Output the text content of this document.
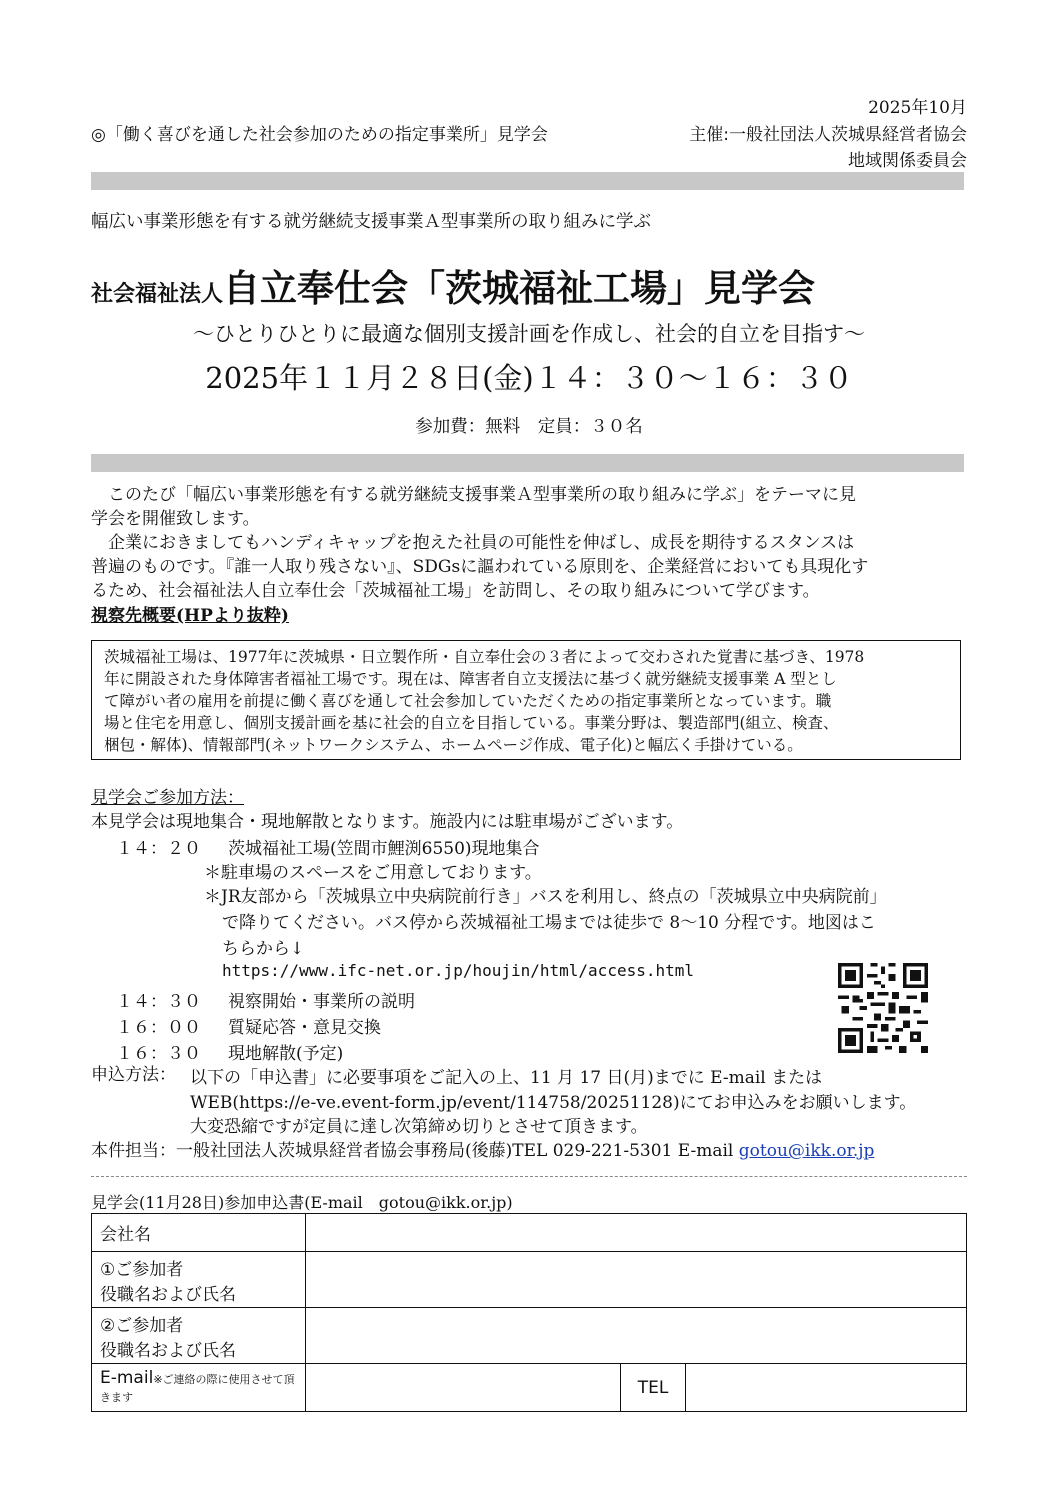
2025年10月
◎「働く喜びを通した社会参加のための指定事業所」見学会	主催:一般社団法人茨城県経営者協会
地域関係委員会
幅広い事業形態を有する就労継続支援事業Ａ型事業所の取り組みに学ぶ
社会福祉法人自立奉仕会「茨城福祉工場」見学会
～ひとりひとりに最適な個別支援計画を作成し、社会的自立を目指す～
2025年１１月２８日(金)１４：３０～１６：３０
参加費：無料　定員：３０名
　このたび「幅広い事業形態を有する就労継続支援事業Ａ型事業所の取り組みに学ぶ」をテーマに見
学会を開催致します。
　企業におきましてもハンディキャップを抱えた社員の可能性を伸ばし、成長を期待するスタンスは
普遍のものです。『誰一人取り残さない』、SDGsに謳われている原則を、企業経営においても具現化す
るため、社会福祉法人自立奉仕会「茨城福祉工場」を訪問し、その取り組みについて学びます。
視察先概要(HPより抜粋)
茨城福祉工場は、1977年に茨城県・日立製作所・自立奉仕会の３者によって交わされた覚書に基づき、1978
年に開設された身体障害者福祉工場です。現在は、障害者自立支援法に基づく就労継続支援事業 A 型とし
て障がい者の雇用を前提に働く喜びを通して社会参加していただくための指定事業所となっています。職
場と住宅を用意し、個別支援計画を基に社会的自立を目指している。事業分野は、製造部門(組立、検査、
梱包・解体)、情報部門(ネットワークシステム、ホームページ作成、電子化)と幅広く手掛けている。
見学会ご参加方法：
本見学会は現地集合・現地解散となります。施設内には駐車場がございます。
１４：２０ 茨城福祉工場(笠間市鯉渕6550)現地集合
＊駐車場のスペースをご用意しております。
＊JR友部から「茨城県立中央病院前行き」バスを利用し、終点の「茨城県立中央病院前」
で降りてください。バス停から茨城福祉工場までは徒歩で 8～10 分程です。地図はこ
ちらから↓
https://www.ifc-net.or.jp/houjin/html/access.html
１４：３０ 視察開始・事業所の説明
１６：００ 質疑応答・意見交換
１６：３０ 現地解散(予定)
申込方法： 以下の「申込書」に必要事項をご記入の上、11 月 17 日(月)までに E-mail または
WEB(https://e-ve.event-form.jp/event/114758/20251128)にてお申込みをお願いします。
大変恐縮ですが定員に達し次第締め切りとさせて頂きます。
本件担当：一般社団法人茨城県経営者協会事務局(後藤)TEL 029-221-5301 E-mail gotou@ikk.or.jp
見学会(11月28日)参加申込書(E-mail　gotou@ikk.or.jp)
会社名			

①ご参加者
役職名および氏名			

②ご参加者
役職名および氏名			

E-mail※ご連絡の際に使用させて頂きます		TEL	
